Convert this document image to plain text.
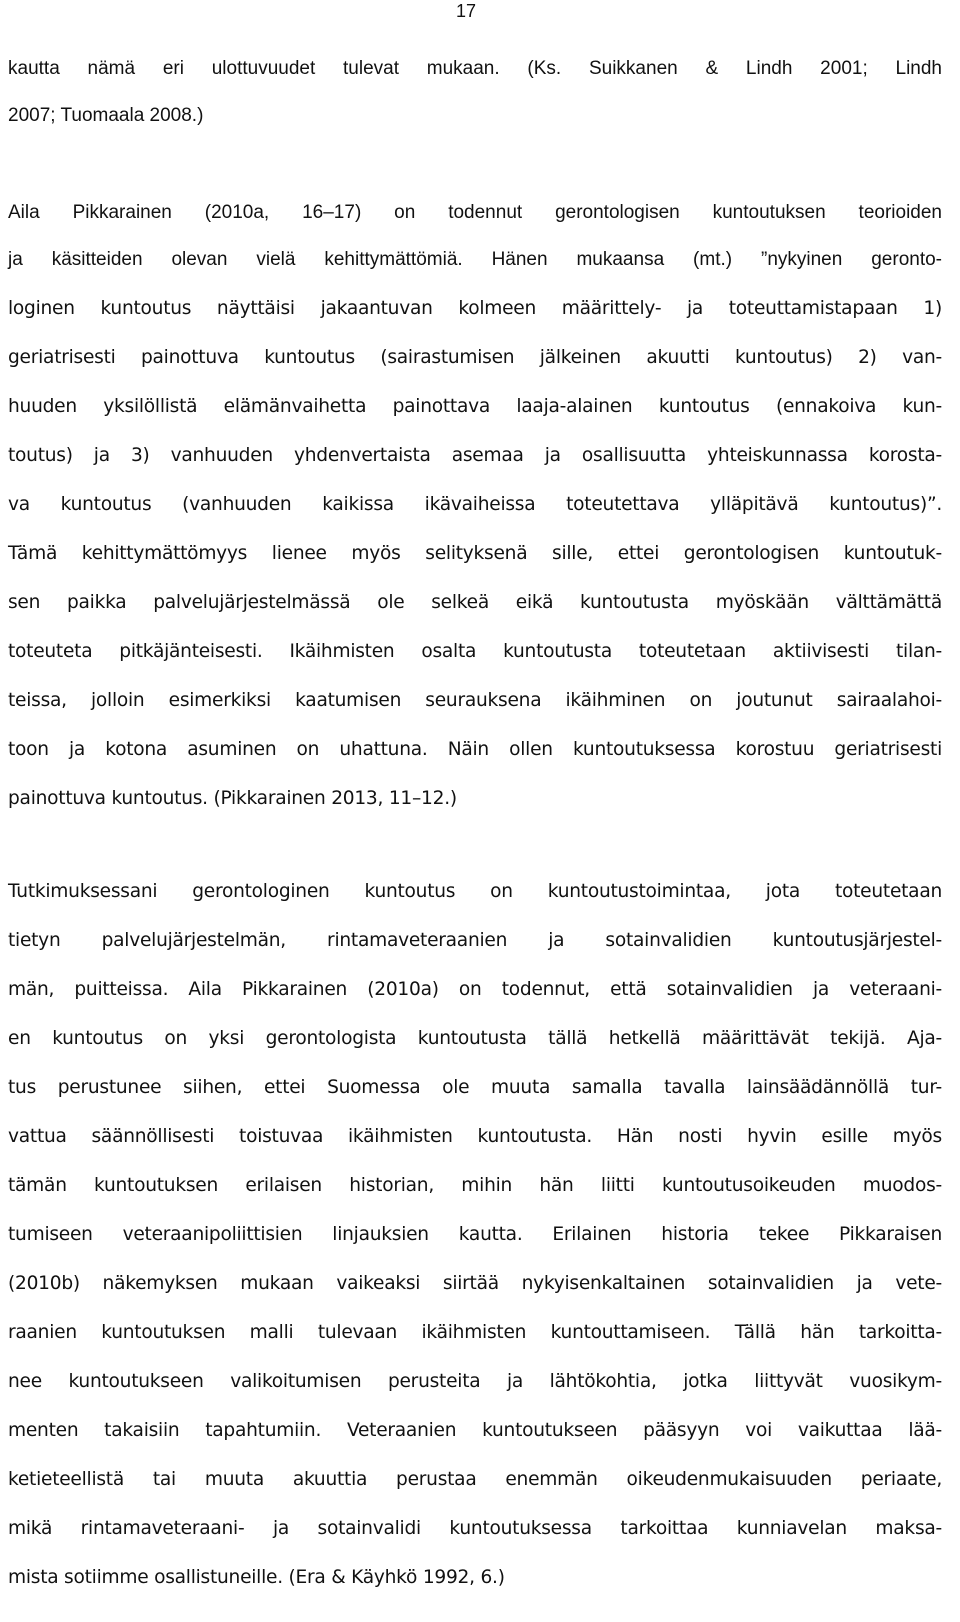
17

kautta nämä eri ulottuvuudet tulevat mukaan. (Ks. Suikkanen & Lindh 2001; Lindh

2007; Tuomaala 2008.)

Aila Pikkarainen (2010a, 16–17) on todennut gerontologisen kuntoutuksen teorioiden

ja käsitteiden olevan vielä kehittymättömiä. Hänen mukaansa (mt.) ”nykyinen geronto-

loginen kuntoutus näyttäisi jakaantuvan kolmeen määrittely- ja toteuttamistapaan 1)

geriatrisesti painottuva kuntoutus (sairastumisen jälkeinen akuutti kuntoutus) 2) van-

huuden yksilöllistä elämänvaihetta painottava laaja-alainen kuntoutus (ennakoiva kun-

toutus) ja 3) vanhuuden yhdenvertaista asemaa ja osallisuutta yhteiskunnassa korosta-

va kuntoutus (vanhuuden kaikissa ikävaiheissa toteutettava ylläpitävä kuntoutus)”.

Tämä kehittymättömyys lienee myös selityksenä sille, ettei gerontologisen kuntoutuk-

sen paikka palvelujärjestelmässä ole selkeä eikä kuntoutusta myöskään välttämättä

toteuteta pitkäjänteisesti. Ikäihmisten osalta kuntoutusta toteutetaan aktiivisesti tilan-

teissa, jolloin esimerkiksi kaatumisen seurauksena ikäihminen on joutunut sairaalahoi-

toon ja kotona asuminen on uhattuna. Näin ollen kuntoutuksessa korostuu geriatrisesti

painottuva kuntoutus. (Pikkarainen 2013, 11–12.)

Tutkimuksessani gerontologinen kuntoutus on kuntoutustoimintaa, jota toteutetaan

tietyn palvelujärjestelmän, rintamaveteraanien ja sotainvalidien kuntoutusjärjestel-

män, puitteissa. Aila Pikkarainen (2010a) on todennut, että sotainvalidien ja veteraani-

en kuntoutus on yksi gerontologista kuntoutusta tällä hetkellä määrittävät tekijä. Aja-

tus perustunee siihen, ettei Suomessa ole muuta samalla tavalla lainsäädännöllä tur-

vattua säännöllisesti toistuvaa ikäihmisten kuntoutusta. Hän nosti hyvin esille myös

tämän kuntoutuksen erilaisen historian, mihin hän liitti kuntoutusoikeuden muodos-

tumiseen veteraanipoliittisien linjauksien kautta. Erilainen historia tekee Pikkaraisen

(2010b) näkemyksen mukaan vaikeaksi siirtää nykyisenkaltainen sotainvalidien ja vete-

raanien kuntoutuksen malli tulevaan ikäihmisten kuntouttamiseen. Tällä hän tarkoitta-

nee kuntoutukseen valikoitumisen perusteita ja lähtökohtia, jotka liittyvät vuosikym-

menten takaisiin tapahtumiin. Veteraanien kuntoutukseen pääsyyn voi vaikuttaa lää-

ketieteellistä tai muuta akuuttia perustaa enemmän oikeudenmukaisuuden periaate,

mikä rintamaveteraani- ja sotainvalidi kuntoutuksessa tarkoittaa kunniavelan maksa-

mista sotiimme osallistuneille. (Era & Käyhkö 1992, 6.)
